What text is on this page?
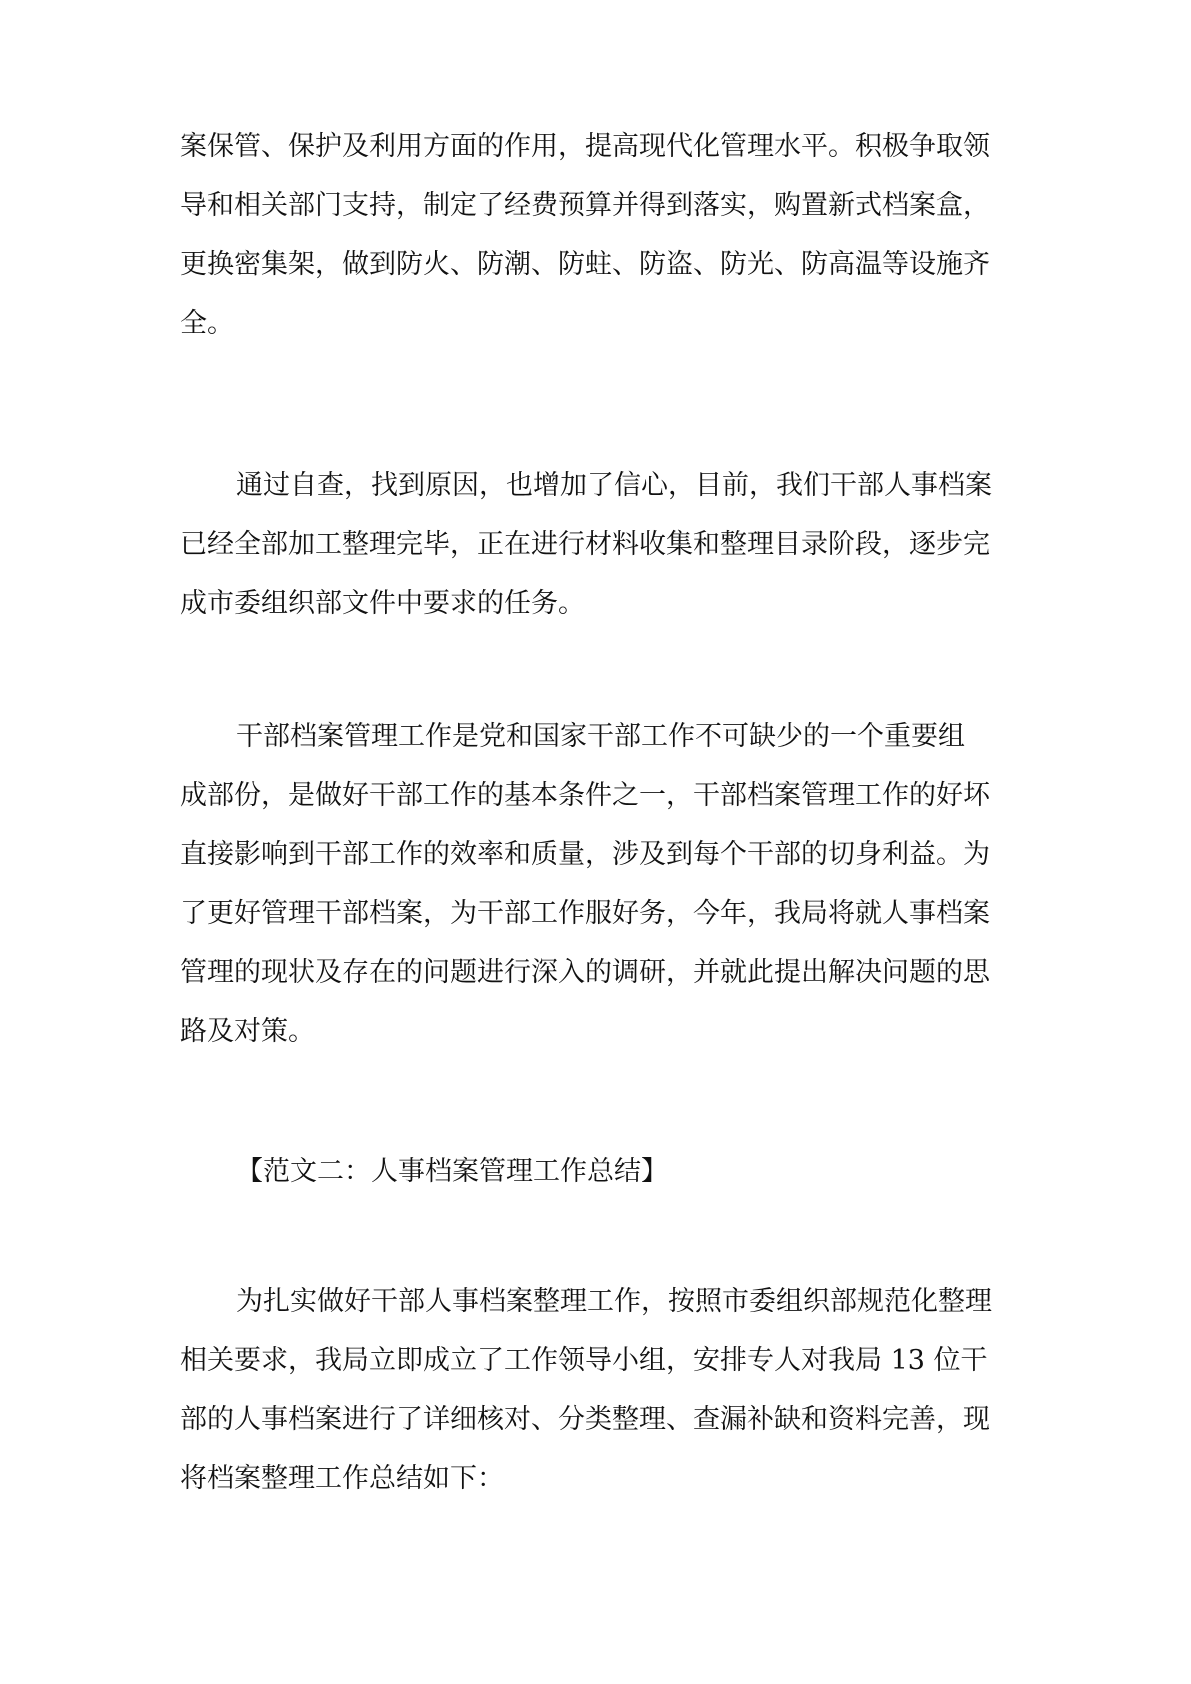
案保管、保护及利用方面的作用，提高现代化管理水平。积极争取领
导和相关部门支持，制定了经费预算并得到落实，购置新式档案盒，
更换密集架，做到防火、防潮、防蛀、防盗、防光、防高温等设施齐
全。

通过自查，找到原因，也增加了信心，目前，我们干部人事档案
已经全部加工整理完毕，正在进行材料收集和整理目录阶段，逐步完
成市委组织部文件中要求的任务。

干部档案管理工作是党和国家干部工作不可缺少的一个重要组
成部份，是做好干部工作的基本条件之一，干部档案管理工作的好坏
直接影响到干部工作的效率和质量，涉及到每个干部的切身利益。为
了更好管理干部档案，为干部工作服好务，今年，我局将就人事档案
管理的现状及存在的问题进行深入的调研，并就此提出解决问题的思
路及对策。

【范文二：人事档案管理工作总结】

为扎实做好干部人事档案整理工作，按照市委组织部规范化整理
相关要求，我局立即成立了工作领导小组，安排专人对我局 13 位干
部的人事档案进行了详细核对、分类整理、查漏补缺和资料完善，现
将档案整理工作总结如下：
